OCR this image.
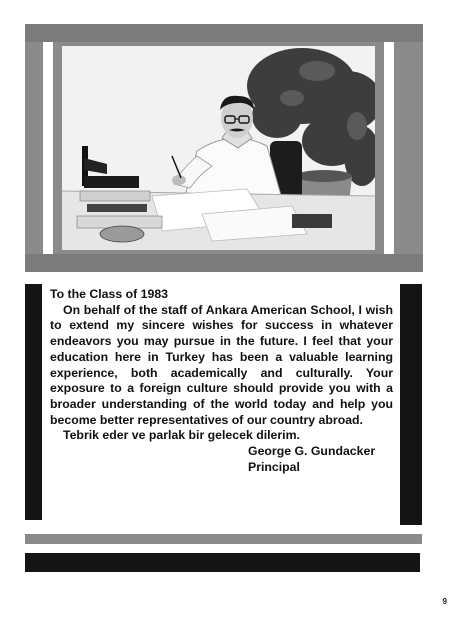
To the Class of 1983
On behalf of the staff of Ankara American School, I wish to extend my sincere wishes for success in whatever endeavors you may pursue in the future. I feel that your education here in Turkey has been a valuable learning experience, both academically and culturally. Your exposure to a foreign culture should provide you with a broader understanding of the world today and help you become better representatives of our country abroad.
Tebrik eder ve parlak bir gelecek dilerim.
George G. Gundacker
Principal
9
